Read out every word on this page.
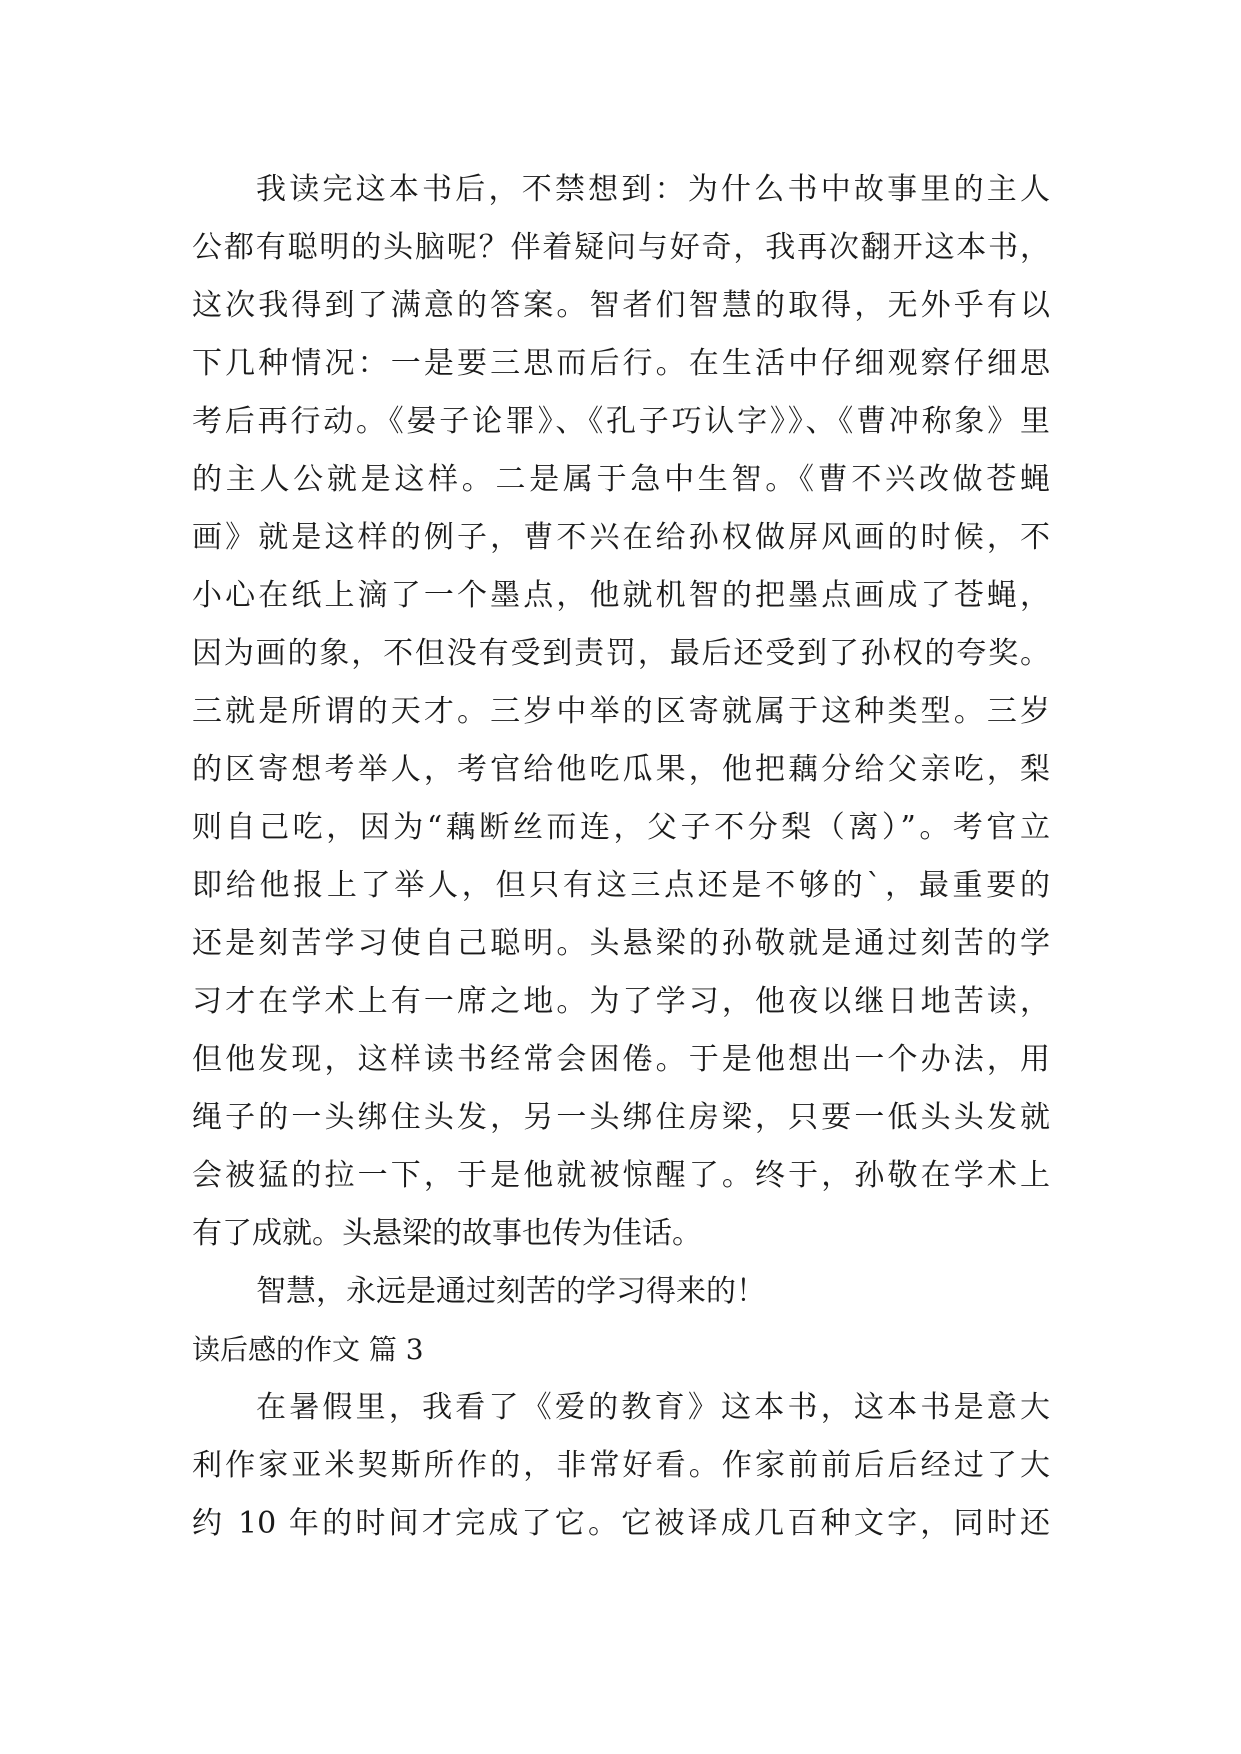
我读完这本书后，不禁想到：为什么书中故事里的主人
公都有聪明的头脑呢？伴着疑问与好奇，我再次翻开这本书，
这次我得到了满意的答案。智者们智慧的取得，无外乎有以
下几种情况：一是要三思而后行。在生活中仔细观察仔细思
考后再行动。《晏子论罪》、《孔子巧认字》》、《曹冲称象》里
的主人公就是这样。二是属于急中生智。《曹不兴改做苍蝇
画》就是这样的例子，曹不兴在给孙权做屏风画的时候，不
小心在纸上滴了一个墨点，他就机智的把墨点画成了苍蝇，
因为画的象，不但没有受到责罚，最后还受到了孙权的夸奖。
三就是所谓的天才。三岁中举的区寄就属于这种类型。三岁
的区寄想考举人，考官给他吃瓜果，他把藕分给父亲吃，梨
则自己吃，因为“藕断丝而连，父子不分梨（离）”。考官立
即给他报上了举人，但只有这三点还是不够的`，最重要的
还是刻苦学习使自己聪明。头悬梁的孙敬就是通过刻苦的学
习才在学术上有一席之地。为了学习，他夜以继日地苦读，
但他发现，这样读书经常会困倦。于是他想出一个办法，用
绳子的一头绑住头发，另一头绑住房梁，只要一低头头发就
会被猛的拉一下，于是他就被惊醒了。终于，孙敬在学术上
有了成就。头悬梁的故事也传为佳话。
智慧，永远是通过刻苦的学习得来的！
读后感的作文 篇 3
在暑假里，我看了《爱的教育》这本书，这本书是意大
利作家亚米契斯所作的，非常好看。作家前前后后经过了大
约 10 年的时间才完成了它。它被译成几百种文字，同时还
